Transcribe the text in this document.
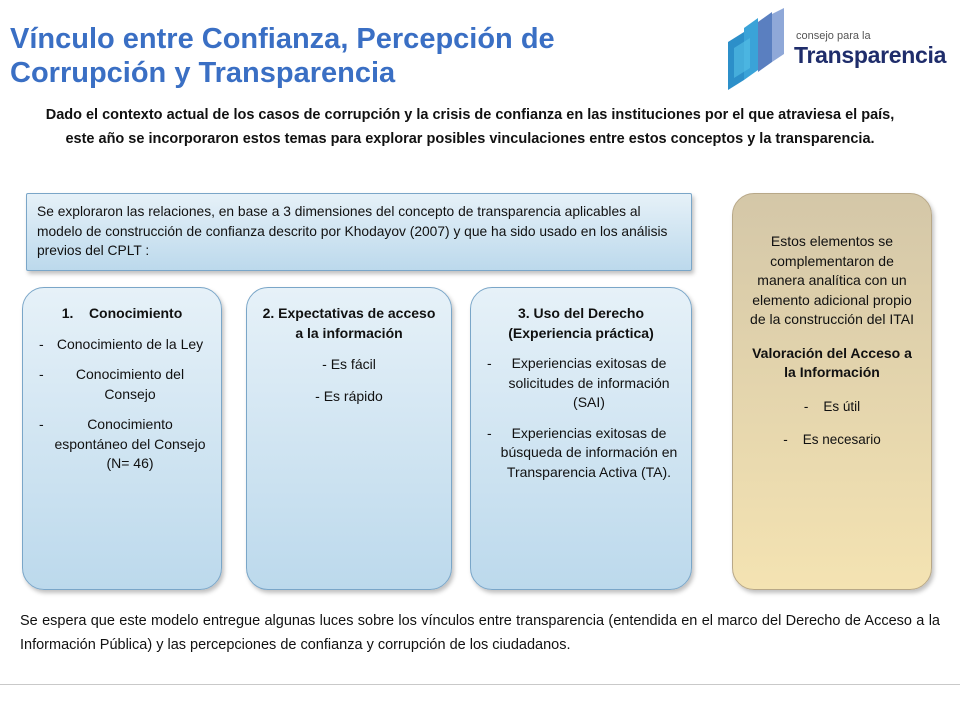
Vínculo entre Confianza, Percepción de Corrupción y Transparencia
consejo para la
Transparencia
Dado el contexto actual de los casos de corrupción y la crisis de confianza en las instituciones por el que atraviesa el país, este año se incorporaron estos temas para explorar posibles vinculaciones entre estos conceptos y la transparencia.
Se exploraron las relaciones, en base a 3 dimensiones del concepto de transparencia aplicables al modelo de construcción de confianza descrito por Khodayov (2007) y que ha sido usado en los análisis previos del CPLT :
1.    Conocimiento
- Conocimiento de la Ley
- Conocimiento del Consejo
-	Conocimiento espontáneo del Consejo (N= 46)
2. Expectativas de acceso a la información
- Es fácil
- Es rápido
3. Uso del Derecho (Experiencia práctica)
- Experiencias exitosas de solicitudes de información (SAI)
- Experiencias exitosas de búsqueda de información en Transparencia Activa (TA).
Estos elementos se complementaron de manera analítica con un elemento adicional propio de la construcción del ITAI
Valoración del Acceso a la Información
-    Es útil
-    Es necesario
Se espera que este modelo entregue algunas luces sobre los vínculos entre transparencia (entendida en el marco del Derecho de Acceso a la Información Pública) y las percepciones de confianza y corrupción de los ciudadanos.
